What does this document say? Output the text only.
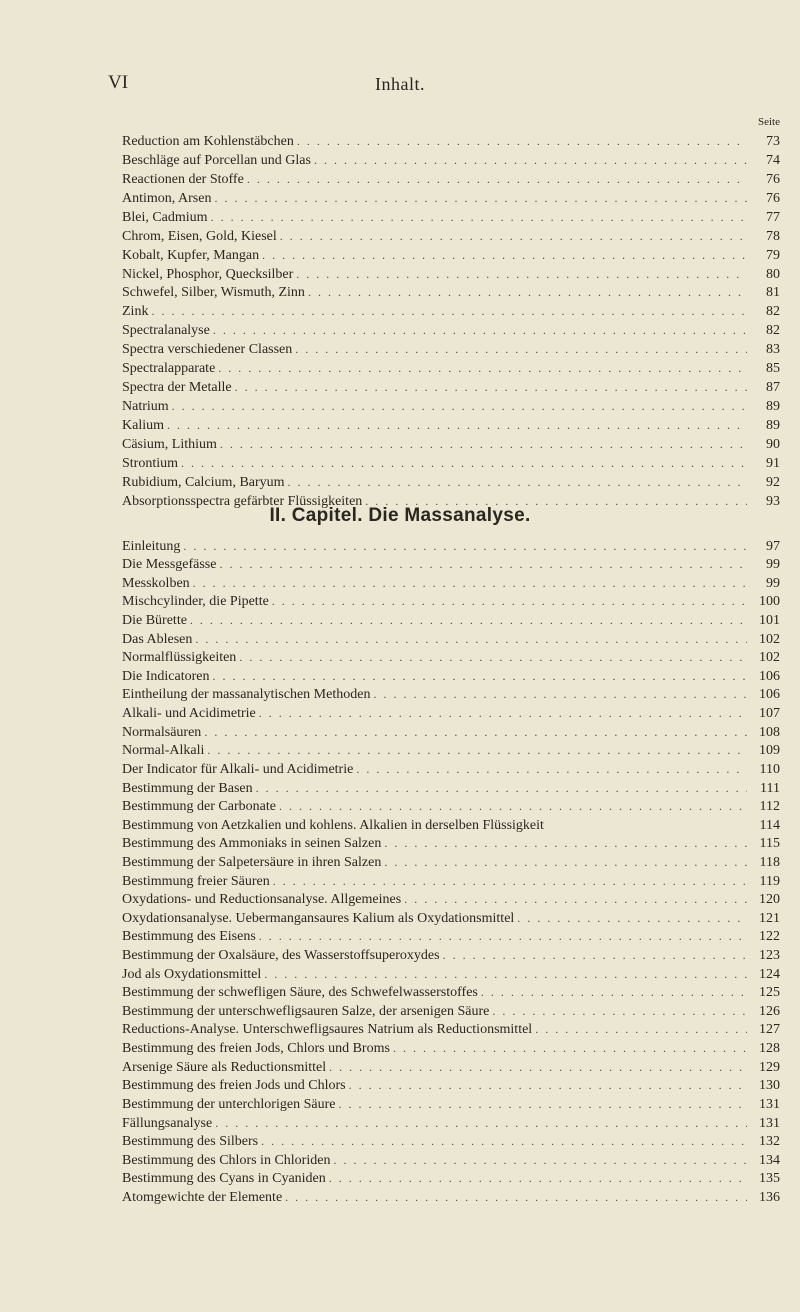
VI	Inhalt.
Seite
Reduction am Kohlenstäbchen . . .	73
Beschläge auf Porcellan und Glas . . .	74
Reactionen der Stoffe . . .	76
Antimon, Arsen . . .	76
Blei, Cadmium . . .	77
Chrom, Eisen, Gold, Kiesel . . .	78
Kobalt, Kupfer, Mangan . . .	79
Nickel, Phosphor, Quecksilber . . .	80
Schwefel, Silber, Wismuth, Zinn . . .	81
Zink . . .	82
Spectralanalyse . . .	82
Spectra verschiedener Classen . . .	83
Spectralapparate . . .	85
Spectra der Metalle . . .	87
Natrium . . .	89
Kalium . . .	89
Cäsium, Lithium . . .	90
Strontium . . .	91
Rubidium, Calcium, Baryum . . .	92
Absorptionsspectra gefärbter Flüssigkeiten . . .	93
II. Capitel. Die Massanalyse.
Einleitung . . .	97
Die Messgefässe . . .	99
Messkolben . . .	99
Mischcylinder, die Pipette . . .	100
Die Bürette . . .	101
Das Ablesen . . .	102
Normalflüssigkeiten . . .	102
Die Indicatoren . . .	106
Eintheilung der massanalytischen Methoden . . .	106
Alkali- und Acidimetrie . . .	107
Normalsäuren . . .	108
Normal-Alkali . . .	109
Der Indicator für Alkali- und Acidimetrie . . .	110
Bestimmung der Basen . . .	111
Bestimmung der Carbonate . . .	112
Bestimmung von Aetzkalien und kohlens. Alkalien in derselben Flüssigkeit	114
Bestimmung des Ammoniaks in seinen Salzen . . .	115
Bestimmung der Salpetersäure in ihren Salzen . . .	118
Bestimmung freier Säuren . . .	119
Oxydations- und Reductionsanalyse. Allgemeines . . .	120
Oxydationsanalyse. Uebermangansaures Kalium als Oxydationsmittel . . .	121
Bestimmung des Eisens . . .	122
Bestimmung der Oxalsäure, des Wasserstoffsuperoxydes . . .	123
Jod als Oxydationsmittel . . .	124
Bestimmung der schwefligen Säure, des Schwefelwasserstoffes . . .	125
Bestimmung der unterschwefligsauren Salze, der arsenigen Säure . . .	126
Reductions-Analyse. Unterschwefligsaures Natrium als Reductionsmittel . . .	127
Bestimmung des freien Jods, Chlors und Broms . . .	128
Arsenige Säure als Reductionsmittel . . .	129
Bestimmung des freien Jods und Chlors . . .	130
Bestimmung der unterchlorigen Säure . . .	131
Fällungsanalyse . . .	131
Bestimmung des Silbers . . .	132
Bestimmung des Chlors in Chloriden . . .	134
Bestimmung des Cyans in Cyaniden . . .	135
Atomgewichte der Elemente . . .	136
